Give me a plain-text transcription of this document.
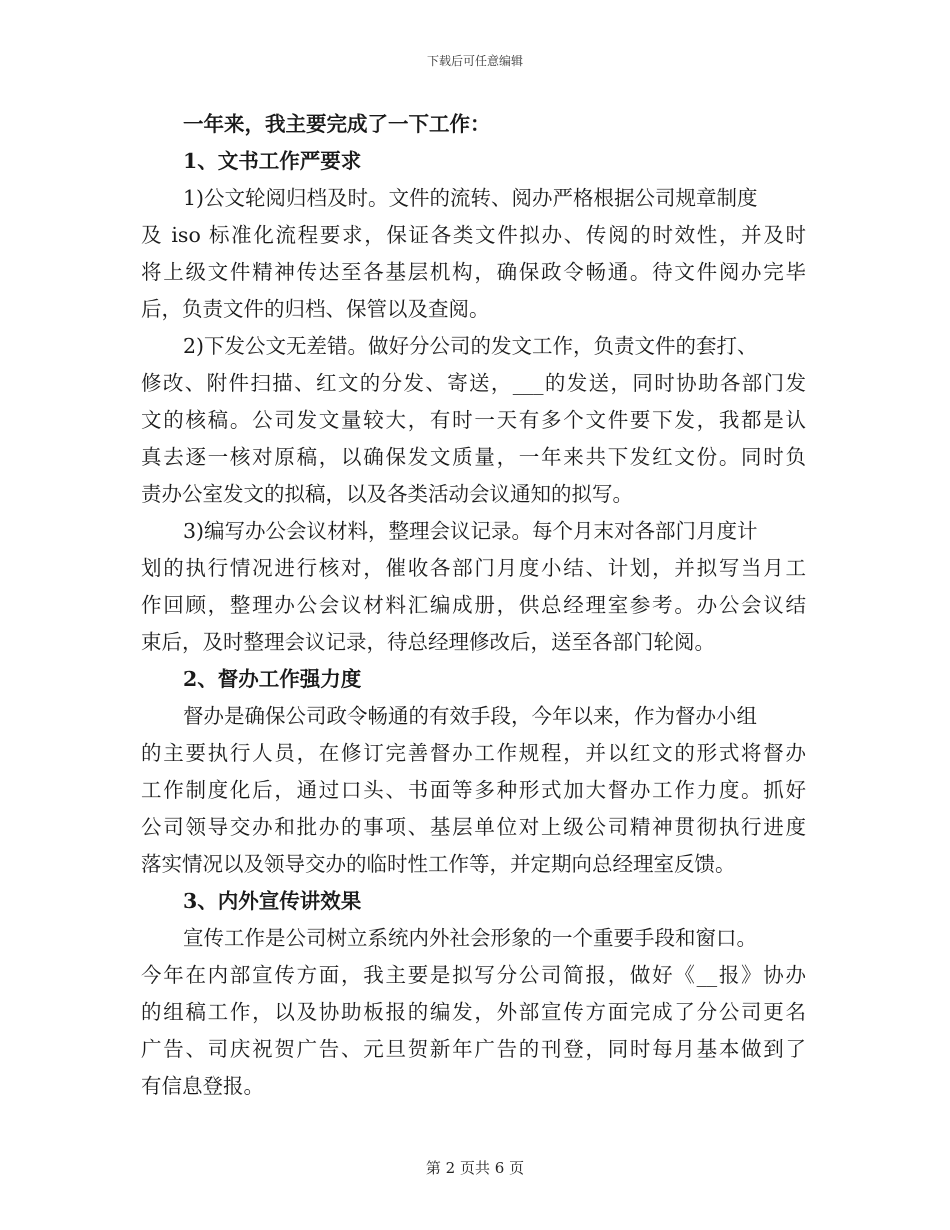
下载后可任意编辑
一年来，我主要完成了一下工作：
1、文书工作严要求
1)公文轮阅归档及时。文件的流转、阅办严格根据公司规章制度
及 iso 标准化流程要求，保证各类文件拟办、传阅的时效性，并及时
将上级文件精神传达至各基层机构，确保政令畅通。待文件阅办完毕
后，负责文件的归档、保管以及查阅。
2)下发公文无差错。做好分公司的发文工作，负责文件的套打、
修改、附件扫描、红文的分发、寄送，___的发送，同时协助各部门发
文的核稿。公司发文量较大，有时一天有多个文件要下发，我都是认
真去逐一核对原稿，以确保发文质量，一年来共下发红文份。同时负
责办公室发文的拟稿，以及各类活动会议通知的拟写。
3)编写办公会议材料，整理会议记录。每个月末对各部门月度计
划的执行情况进行核对，催收各部门月度小结、计划，并拟写当月工
作回顾，整理办公会议材料汇编成册，供总经理室参考。办公会议结
束后，及时整理会议记录，待总经理修改后，送至各部门轮阅。
2、督办工作强力度
督办是确保公司政令畅通的有效手段，今年以来，作为督办小组
的主要执行人员，在修订完善督办工作规程，并以红文的形式将督办
工作制度化后，通过口头、书面等多种形式加大督办工作力度。抓好
公司领导交办和批办的事项、基层单位对上级公司精神贯彻执行进度
落实情况以及领导交办的临时性工作等，并定期向总经理室反馈。
3、内外宣传讲效果
宣传工作是公司树立系统内外社会形象的一个重要手段和窗口。
今年在内部宣传方面，我主要是拟写分公司简报，做好《__报》协办
的组稿工作，以及协助板报的编发，外部宣传方面完成了分公司更名
广告、司庆祝贺广告、元旦贺新年广告的刊登，同时每月基本做到了
有信息登报。
第 2 页共 6 页
